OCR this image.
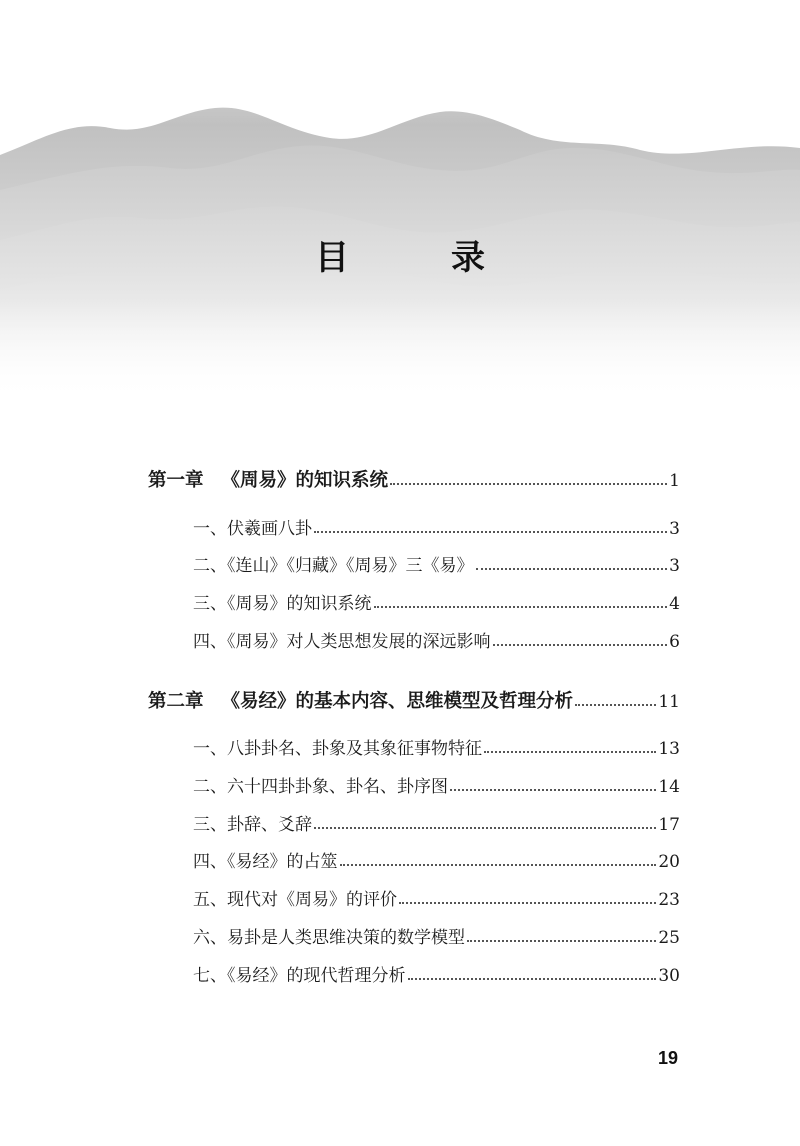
目　录
第一章 《周易》的知识系统	1
一、伏羲画八卦	3
二、《连山》《归藏》《周易》三《易》	3
三、《周易》的知识系统	4
四、《周易》对人类思想发展的深远影响	6
第二章 《易经》的基本内容、思维模型及哲理分析	11
一、八卦卦名、卦象及其象征事物特征	13
二、六十四卦卦象、卦名、卦序图	14
三、卦辞、爻辞	17
四、《易经》的占筮	20
五、现代对《周易》的评价	23
六、易卦是人类思维决策的数学模型	25
七、《易经》的现代哲理分析	30
19
